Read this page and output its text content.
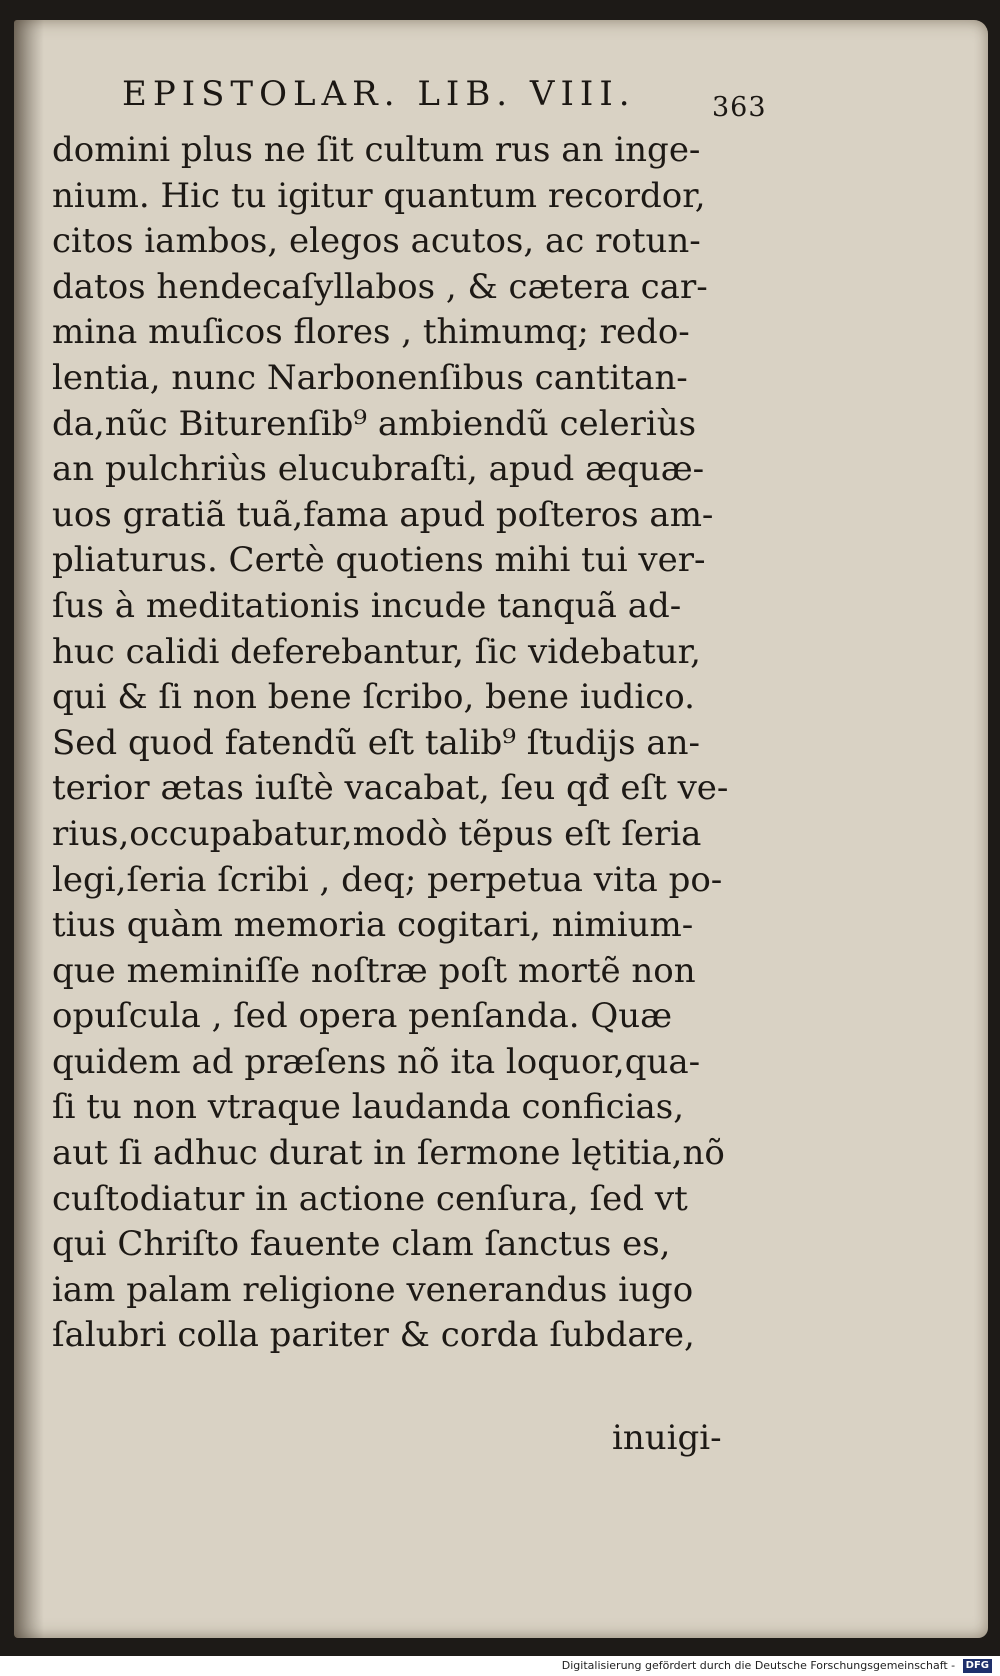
EPISTOLAR. LIB. VIII.	363
domini plus ne ſit cultum rus an inge-
nium. Hic tu igitur quantum recordor,
citos iambos, elegos acutos, ac rotun-
datos hendecaſyllabos , & cætera car-
mina muſicos flores , thimumq; redo-
lentia, nunc Narbonenſibus cantitan-
da,nũc Biturenſib⁹ ambiendũ celeriùs
an pulchriùs elucubraſti, apud æquæ-
uos gratiã tuã,fama apud poſteros am-
pliaturus. Certè quotiens mihi tui ver-
ſus à meditationis incude tanquã ad-
huc calidi deferebantur, ſic videbatur,
qui & ſi non bene ſcribo, bene iudico.
Sed quod fatendũ eſt talib⁹ ſtudijs an-
terior ætas iuſtè vacabat, ſeu qđ eſt ve-
rius,occupabatur,modò tẽpus eſt ſeria
legi,ſeria ſcribi , deq; perpetua vita po-
tius quàm memoria cogitari, nimium-
que meminiſſe noſtræ poſt mortẽ non
opuſcula , ſed opera penſanda. Quæ
quidem ad præſens nõ ita loquor,qua-
ſi tu non vtraque laudanda conficias,
aut ſi adhuc durat in ſermone lętitia,nõ
cuſtodiatur in actione cenſura, ſed vt
qui Chriſto fauente clam ſanctus es,
iam palam religione venerandus iugo
ſalubri colla pariter & corda ſubdare,
inuigi-
Digitalisierung gefördert durch die Deutsche Forschungsgemeinschaft - DFG
